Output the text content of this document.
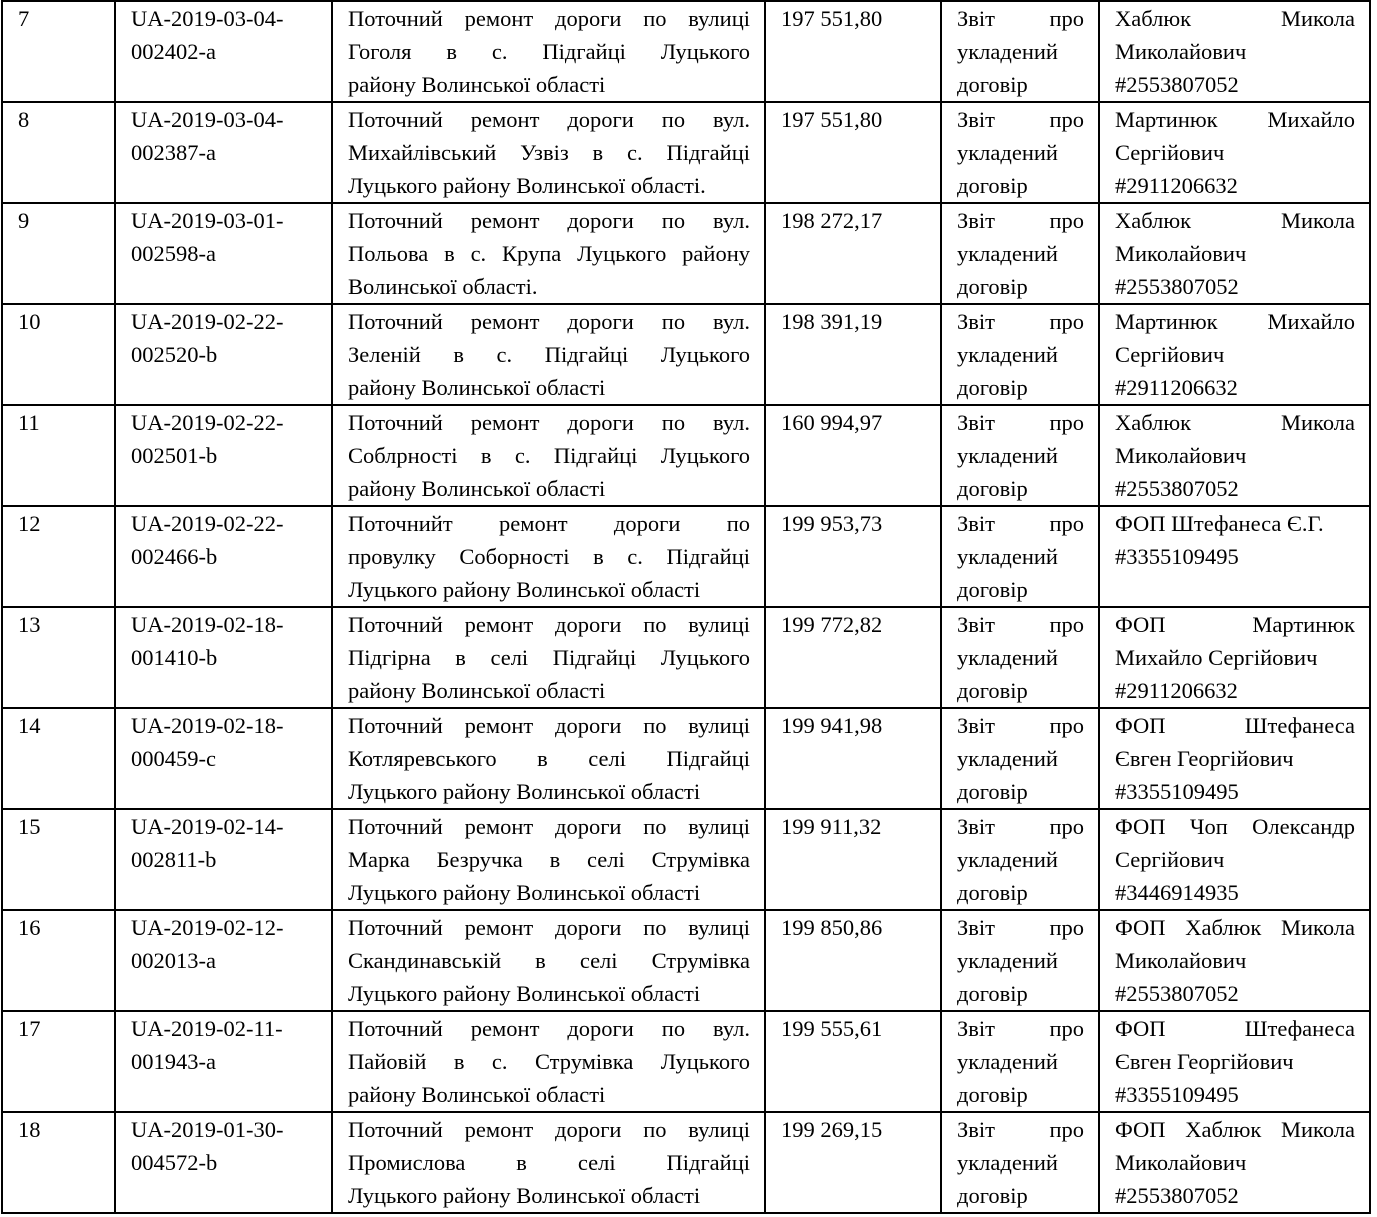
7	UA-2019-03-04-
002402-a	Поточний ремонт дороги по вулиці
Гоголя в с. Підгайці Луцького
району Волинської області	197 551,80	Звіт про
укладений
договір	Хаблюк Микола
Миколайович
#2553807052

8	UA-2019-03-04-
002387-a	Поточний ремонт дороги по вул.
Михайлівський Узвіз в с. Підгайці
Луцького району Волинської області.	197 551,80	Звіт про
укладений
договір	Мартинюк Михайло
Сергійович
#2911206632

9	UA-2019-03-01-
002598-a	Поточний ремонт дороги по вул.
Польова в с. Крупа Луцького району
Волинської області.	198 272,17	Звіт про
укладений
договір	Хаблюк Микола
Миколайович
#2553807052

10	UA-2019-02-22-
002520-b	Поточний ремонт дороги по вул.
Зеленій в с. Підгайці Луцького
району Волинської області	198 391,19	Звіт про
укладений
договір	Мартинюк Михайло
Сергійович
#2911206632

11	UA-2019-02-22-
002501-b	Поточний ремонт дороги по вул.
Соблрності в с. Підгайці Луцького
району Волинської області	160 994,97	Звіт про
укладений
договір	Хаблюк Микола
Миколайович
#2553807052

12	UA-2019-02-22-
002466-b	Поточнийт ремонт дороги по
провулку Соборності в с. Підгайці
Луцького району Волинської області	199 953,73	Звіт про
укладений
договір	ФОП Штефанеса Є.Г.
#3355109495

13	UA-2019-02-18-
001410-b	Поточний ремонт дороги по вулиці
Підгірна в селі Підгайці Луцького
району Волинської області	199 772,82	Звіт про
укладений
договір	ФОП Мартинюк
Михайло Сергійович
#2911206632

14	UA-2019-02-18-
000459-c	Поточний ремонт дороги по вулиці
Котляревського в селі Підгайці
Луцького району Волинської області	199 941,98	Звіт про
укладений
договір	ФОП Штефанеса
Євген Георгійович
#3355109495

15	UA-2019-02-14-
002811-b	Поточний ремонт дороги по вулиці
Марка Безручка в селі Струмівка
Луцького району Волинської області	199 911,32	Звіт про
укладений
договір	ФОП Чоп Олександр
Сергійович
#3446914935

16	UA-2019-02-12-
002013-a	Поточний ремонт дороги по вулиці
Скандинавській в селі Струмівка
Луцького району Волинської області	199 850,86	Звіт про
укладений
договір	ФОП Хаблюк Микола
Миколайович
#2553807052

17	UA-2019-02-11-
001943-a	Поточний ремонт дороги по вул.
Пайовій в с. Струмівка Луцького
району Волинської області	199 555,61	Звіт про
укладений
договір	ФОП Штефанеса
Євген Георгійович
#3355109495

18	UA-2019-01-30-
004572-b	Поточний ремонт дороги по вулиці
Промислова в селі Підгайці
Луцького району Волинської області	199 269,15	Звіт про
укладений
договір	ФОП Хаблюк Микола
Миколайович
#2553807052
